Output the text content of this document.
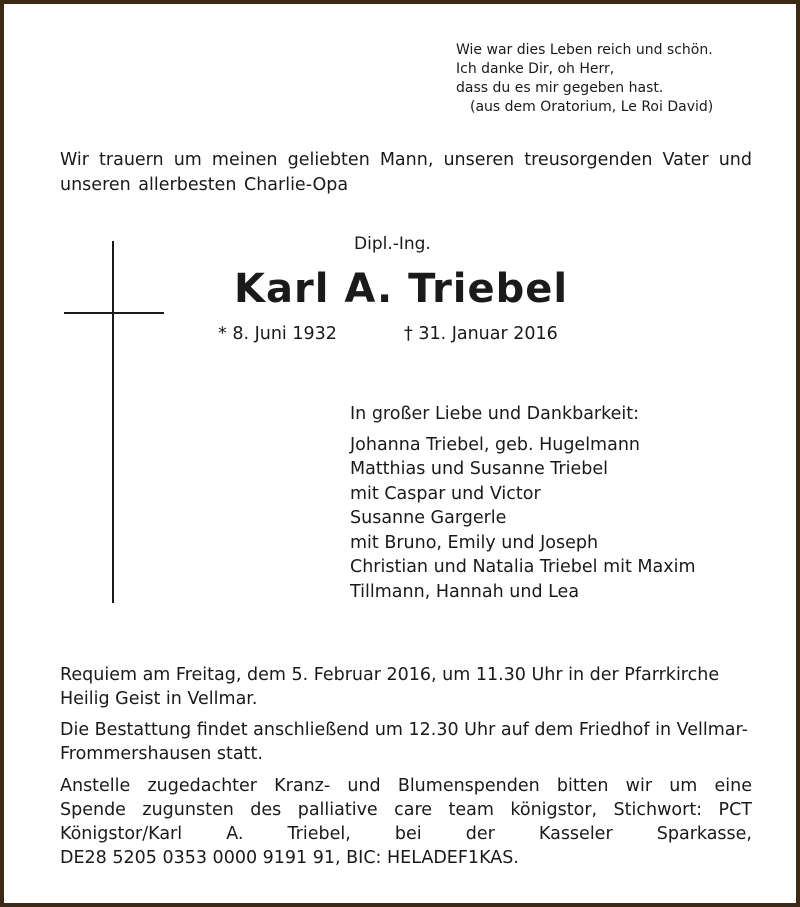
Wie war dies Leben reich und schön.
Ich danke Dir, oh Herr,
dass du es mir gegeben hast.
(aus dem Oratorium, Le Roi David)
Wir trauern um meinen geliebten Mann, unseren treusorgenden Vater und unseren allerbesten Charlie-Opa
Dipl.-Ing.
Karl A. Triebel
* 8. Juni 1932	† 31. Januar 2016
In großer Liebe und Dankbarkeit:
Johanna Triebel, geb. Hugelmann
Matthias und Susanne Triebel
mit Caspar und Victor
Susanne Gargerle
mit Bruno, Emily und Joseph
Christian und Natalia Triebel mit Maxim
Tillmann, Hannah und Lea
Requiem am Freitag, dem 5. Februar 2016, um 11.30 Uhr in der Pfarrkirche Heilig Geist in Vellmar.
Die Bestattung findet anschließend um 12.30 Uhr auf dem Friedhof in Vellmar-Frommershausen statt.
Anstelle zugedachter Kranz- und Blumenspenden bitten wir um eine
Spende zugunsten des palliative care team königstor, Stichwort: PCT
Königstor/Karl A. Triebel, bei der Kasseler Sparkasse,
DE28 5205 0353 0000 9191 91, BIC: HELADEF1KAS.
